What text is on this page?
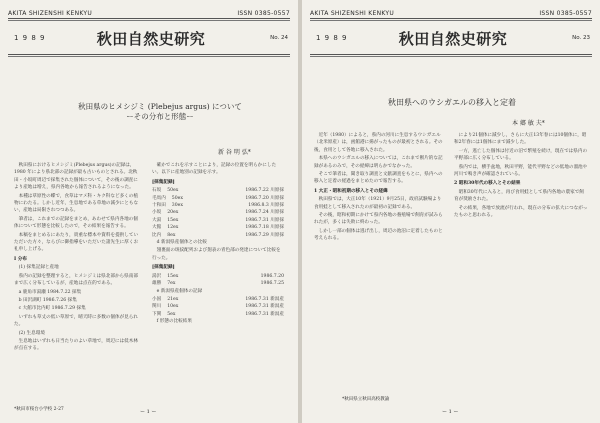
AKITA SHIZENSHI KENKYU	ISSN 0385-0557
1 9 8 9	秋田自然史研究	No. 24
秋田県のヒメシジミ (Plebejus argus) について
ーその分布と形態ー
新 谷 明 弘*

秋田県におけるヒメシジミ(Plebejus argus)の記録は，1980 年により県北部の記録が最も古いものとされる。北秋田・小坂町周辺で採集された個体について，その後の調査により産地は増え，県内各地から報告されるようになった。

本種は草原性の蝶で，食草はマメ科・キク科など多くの植物にわたる。しかし近年，生息地である草地の減少にともない，産地は局限されつつある。

筆者は，これまでの記録をまとめ，あわせて県内各地の個体について形態を比較したので，その結果を報告する。

本稿をまとめるにあたり，貴重な標本や資料を提供していただいた方々，ならびに御指導をいただいた諸先生に厚くお礼申し上げる。

Ⅰ 分布

(1) 採集記録と産地

県内の記録を整理すると，ヒメシジミは県北部から県南部まで広く分布しているが，産地は点在的である。

a 鹿角市湯瀬 1984.7.22 採集

b 田沢湖町 1986.7.26 採集

c 大館市比内町 1986.7.29 採集

いずれも草丈の低い草原で，晴天時に多数の個体が見られた。

(2) 生息環境

生息地はいずれも日当たりのよい草地で，周辺には低木林が点在する。

確かでこれを示すことにより，記録の位置を明らかにしたい。以下に産地別の記録を示す。

[採集記録]

石坂	50ex	1986.7.22 川原採
毛馬内	50ex	1986.7.20 川原採
十和田	30ex	1986.8.3 川原採
小坂	20ex	1986.7.24 川原採
大湯	15ex	1986.7.31 川原採
大館	12ex	1986.7.18 川原採
比内	8ex	1986.7.29 川原採

d 新潟県産個体との比較

翅裏面の斑紋配列および翅表の青色部の発達について比較を行った。

[採集記録]

湯沢	15ex	1986.7.20
雄勝	7ex	1986.7.25

e 新潟県産個体の記録

小国	21ex	1986.7.31 新潟産
関川	10ex	1986.7.31 新潟産
下関	5ex	1986.7.31 新潟産

f 形態の比較結果

*秋田市桜台小学校 2-27	ー 1 ー
AKITA SHIZENSHI KENKYU	ISSN 0385-0557
1 9 8 9	秋田自然史研究	No. 23
秋田県へのウシガエルの移入と定着
本 郷 敏 夫*

近年（1980）によると，県内の河川に生息するウシガエル（北米原産）は，函館港に揚がったものが最初とされる。その後，食用として各地に移入された。

本県へのウシガエルの移入については，これまで断片的な記録があるのみで，その経緯は明らかでなかった。

そこで筆者は，聞き取り調査と文献調査をもとに，県内への移入と定着の経過をまとめたので報告する。

1 大正・昭和初期の移入とその経緯

秋田県では，大正10年（1921）9月25日，政府試験場より食用蛙として移入されたのが最初の記録である。

その後，昭和初期にかけて県内各地の養殖場で飼育が試みられたが，多くは失敗に終わった。

しかし一部の個体は逃げ出し，周辺の池沼に定着したものと考えられる。

により21個体に減少し，さらに大正13年春には10個体に，昭和2年春には1個体にまで減少した。

一方，逃亡した個体は付近の沼で繁殖を続け，現在では県内の平野部に広く分布している。

県内では，横手盆地，秋田平野，能代平野などの低地の溜池や河川で鳴き声が確認されている。

2 昭和30年代の移入とその結果

昭和30年代に入ると，再び食用蛙として県内各地の農家で飼育が奨励された。

その結果，各地で放流が行われ，現在の分布の拡大につながったものと思われる。

*秋田県立秋田高校教諭
ー 1 ー
